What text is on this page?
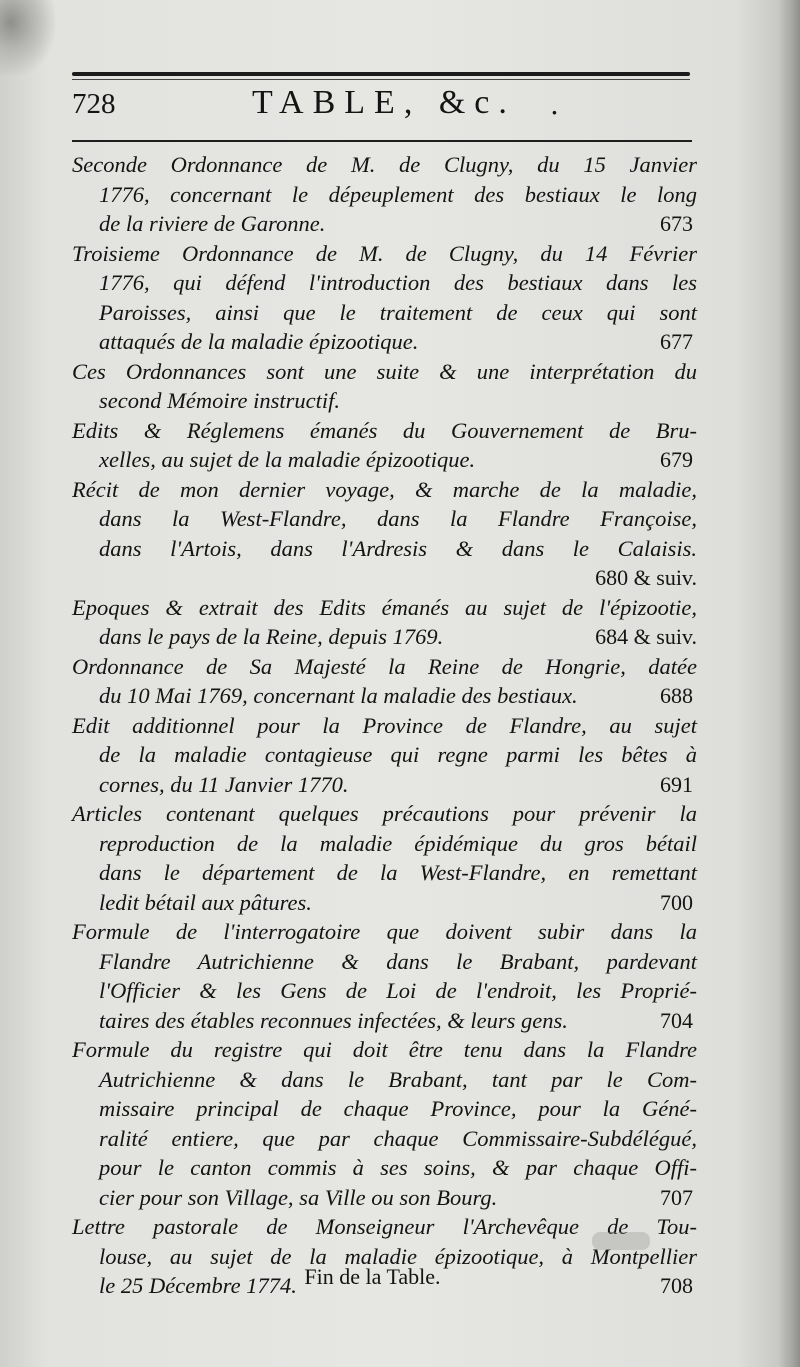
728	TABLE, &c. .
Seconde Ordonnance de M. de Clugny, du 15 Janvier
1776, concernant le dépeuplement des bestiaux le long
de la riviere de Garonne.	673
Troisieme Ordonnance de M. de Clugny, du 14 Février
1776, qui défend l'introduction des bestiaux dans les
Paroisses, ainsi que le traitement de ceux qui sont
attaqués de la maladie épizootique.	677
Ces Ordonnances sont une suite & une interprétation du
second Mémoire instructif.
Edits & Réglemens émanés du Gouvernement de Bru-
xelles, au sujet de la maladie épizootique.	679
Récit de mon dernier voyage, & marche de la maladie,
dans la West-Flandre, dans la Flandre Françoise,
dans l'Artois, dans l'Ardresis & dans le Calaisis.
680 & suiv.
Epoques & extrait des Edits émanés au sujet de l'épizootie,
dans le pays de la Reine, depuis 1769.	684 & suiv.
Ordonnance de Sa Majesté la Reine de Hongrie, datée
du 10 Mai 1769, concernant la maladie des bestiaux.	688
Edit additionnel pour la Province de Flandre, au sujet
de la maladie contagieuse qui regne parmi les bêtes à
cornes, du 11 Janvier 1770.	691
Articles contenant quelques précautions pour prévenir la
reproduction de la maladie épidémique du gros bétail
dans le département de la West-Flandre, en remettant
ledit bétail aux pâtures.	700
Formule de l'interrogatoire que doivent subir dans la
Flandre Autrichienne & dans le Brabant, pardevant
l'Officier & les Gens de Loi de l'endroit, les Proprié-
taires des étables reconnues infectées, & leurs gens.	704
Formule du registre qui doit être tenu dans la Flandre
Autrichienne & dans le Brabant, tant par le Com-
missaire principal de chaque Province, pour la Géné-
ralité entiere, que par chaque Commissaire-Subdélégué,
pour le canton commis à ses soins, & par chaque Offi-
cier pour son Village, sa Ville ou son Bourg.	707
Lettre pastorale de Monseigneur l'Archevêque de Tou-
louse, au sujet de la maladie épizootique, à Montpellier
le 25 Décembre 1774.	708
Fin de la Table.
